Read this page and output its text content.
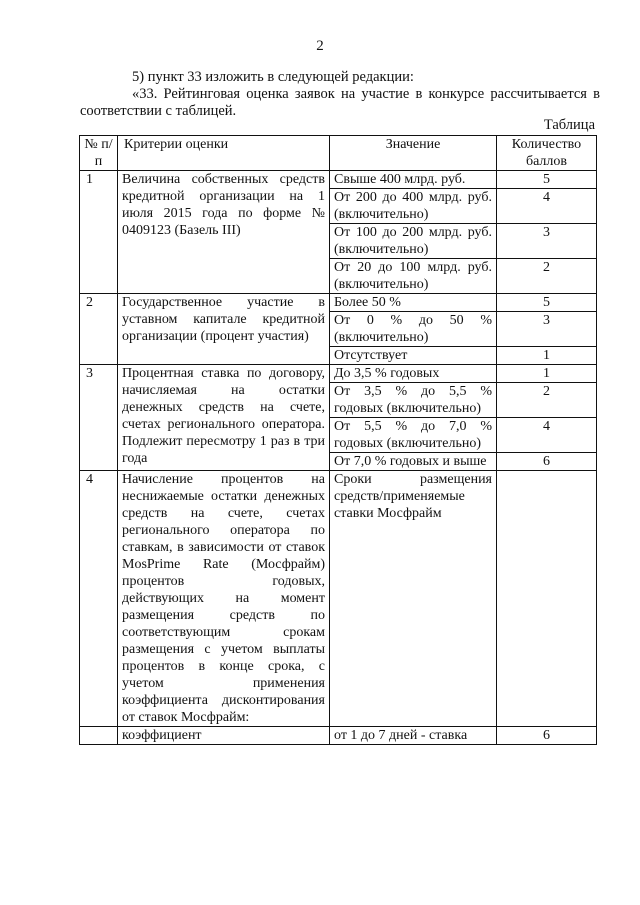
2
5) пункт 33 изложить в следующей редакции:
«33. Рейтинговая оценка заявок на участие в конкурсе рассчитывается в соответствии с таблицей.
Таблица
№ п/п	Критерии оценки	Значение	Количество баллов
1	Величина собственных средств кредитной организации на 1 июля 2015 года по форме № 0409123 (Базель III)	Свыше 400 млрд. руб.	5
		От 200 до 400 млрд. руб. (включительно)	4
		От 100 до 200 млрд. руб. (включительно)	3
		От 20 до 100 млрд. руб. (включительно)	2
2	Государственное участие в уставном капитале кредитной организации (процент участия)	Более 50 %	5
		От 0 % до 50 % (включительно)	3
		Отсутствует	1
3	Процентная ставка по договору, начисляемая на остатки денежных средств на счете, счетах регионального оператора. Подлежит пересмотру 1 раз в три года	До 3,5 % годовых	1
		От 3,5 % до 5,5 % годовых (включительно)	2
		От 5,5 % до 7,0 % годовых (включительно)	4
		От 7,0 % годовых и выше	6
4	Начисление процентов на неснижаемые остатки денежных средств на счете, счетах регионального оператора по ставкам, в зависимости от ставок MosPrime Rate (Мосфрайм) процентов годовых, действующих на момент размещения средств по соответствующим срокам размещения с учетом выплаты процентов в конце срока, с учетом применения коэффициента дисконтирования от ставок Мосфрайм:	Сроки размещения средств/применяемые ставки Мосфрайм	
	коэффициент	от 1 до 7 дней - ставка	6
